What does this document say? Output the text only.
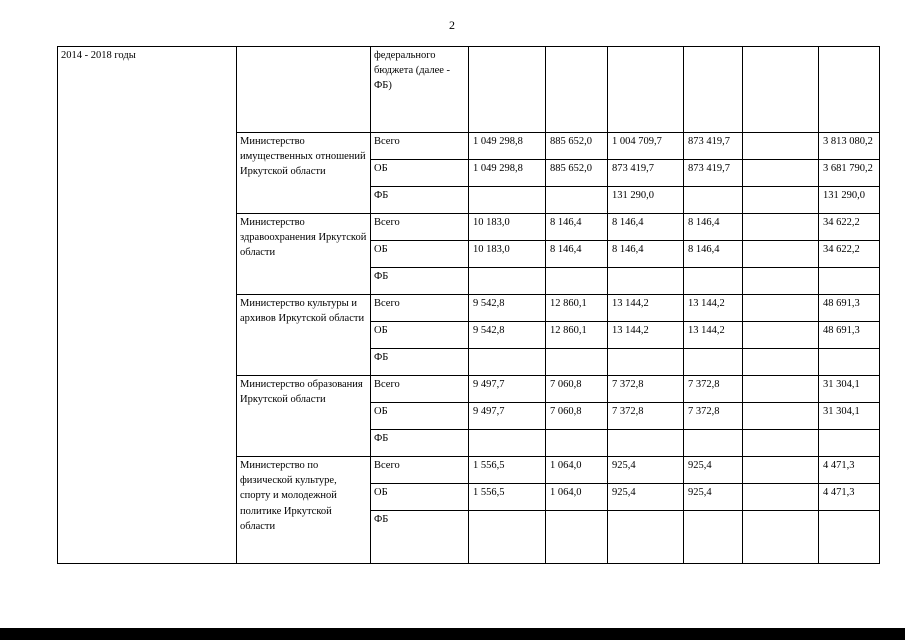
2
2014 - 2018 годы		федерального бюджета (далее - ФБ)						
	Министерство имущественных отношений Иркутской области	Всего	1 049 298,8	885 652,0	1 004 709,7	873 419,7		3 813 080,2
		ОБ	1 049 298,8	885 652,0	873 419,7	873 419,7		3 681 790,2
		ФБ			131 290,0			131 290,0
	Министерство здравоохранения Иркутской области	Всего	10 183,0	8 146,4	8 146,4	8 146,4		34 622,2
		ОБ	10 183,0	8 146,4	8 146,4	8 146,4		34 622,2
		ФБ						
	Министерство культуры и архивов Иркутской области	Всего	9 542,8	12 860,1	13 144,2	13 144,2		48 691,3
		ОБ	9 542,8	12 860,1	13 144,2	13 144,2		48 691,3
		ФБ						
	Министерство образования Иркутской области	Всего	9 497,7	7 060,8	7 372,8	7 372,8		31 304,1
		ОБ	9 497,7	7 060,8	7 372,8	7 372,8		31 304,1
		ФБ						
	Министерство по физической культуре, спорту и молодежной политике Иркутской области	Всего	1 556,5	1 064,0	925,4	925,4		4 471,3
		ОБ	1 556,5	1 064,0	925,4	925,4		4 471,3
		ФБ						
